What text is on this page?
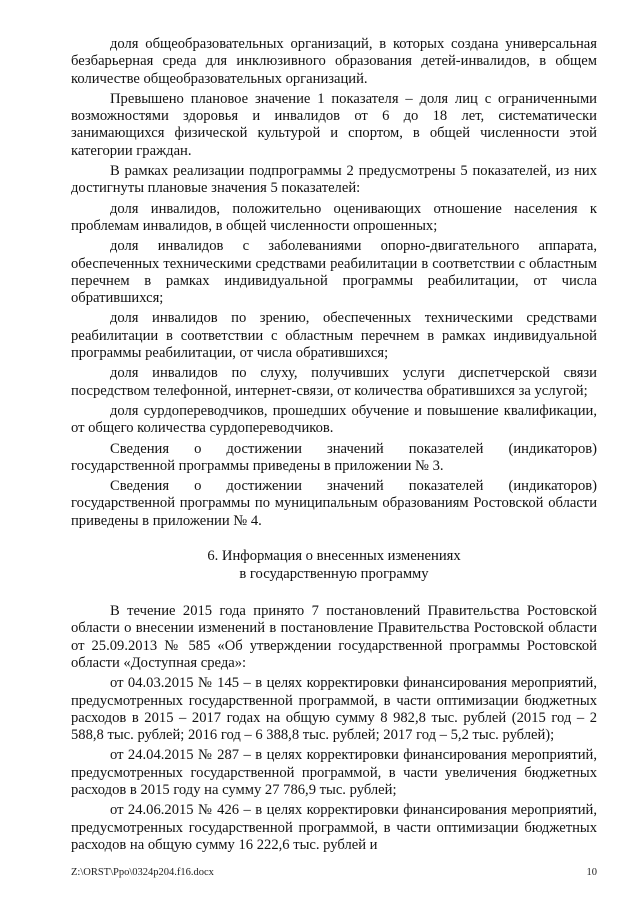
доля общеобразовательных организаций, в которых создана универсальная безбарьерная среда для инклюзивного образования детей-инвалидов, в общем количестве общеобразовательных организаций.

Превышено плановое значение 1 показателя – доля лиц с ограниченными возможностями здоровья и инвалидов от 6 до 18 лет, систематически занимающихся физической культурой и спортом, в общей численности этой категории граждан.

В рамках реализации подпрограммы 2 предусмотрены 5 показателей, из них достигнуты плановые значения 5 показателей:

доля инвалидов, положительно оценивающих отношение населения к проблемам инвалидов, в общей численности опрошенных;

доля инвалидов с заболеваниями опорно-двигательного аппарата, обеспеченных техническими средствами реабилитации в соответствии с областным перечнем в рамках индивидуальной программы реабилитации, от числа обратившихся;

доля инвалидов по зрению, обеспеченных техническими средствами реабилитации в соответствии с областным перечнем в рамках индивидуальной программы реабилитации, от числа обратившихся;

доля инвалидов по слуху, получивших услуги диспетчерской связи посредством телефонной, интернет-связи, от количества обратившихся за услугой;

доля сурдопереводчиков, прошедших обучение и повышение квалификации, от общего количества сурдопереводчиков.

Сведения о достижении значений показателей (индикаторов) государственной программы приведены в приложении № 3.

Сведения о достижении значений показателей (индикаторов) государственной программы по муниципальным образованиям Ростовской области приведены в приложении № 4.

6. Информация о внесенных изменениях
в государственную программу

В течение 2015 года принято 7 постановлений Правительства Ростовской области о внесении изменений в постановление Правительства Ростовской области от 25.09.2013 № 585 «Об утверждении государственной программы Ростовской области «Доступная среда»:

от 04.03.2015 № 145 – в целях корректировки финансирования мероприятий, предусмотренных государственной программой, в части оптимизации бюджетных расходов в 2015 – 2017 годах на общую сумму 8 982,8 тыс. рублей (2015 год – 2 588,8 тыс. рублей; 2016 год – 6 388,8 тыс. рублей; 2017 год – 5,2 тыс. рублей);

от 24.04.2015 № 287 – в целях корректировки финансирования мероприятий, предусмотренных государственной программой, в части увеличения бюджетных расходов в 2015 году на сумму 27 786,9 тыс. рублей;

от 24.06.2015 № 426 – в целях корректировки финансирования мероприятий, предусмотренных государственной программой, в части оптимизации бюджетных расходов на общую сумму 16 222,6 тыс. рублей и

Z:\ORST\Ppo\0324p204.f16.docx	10
